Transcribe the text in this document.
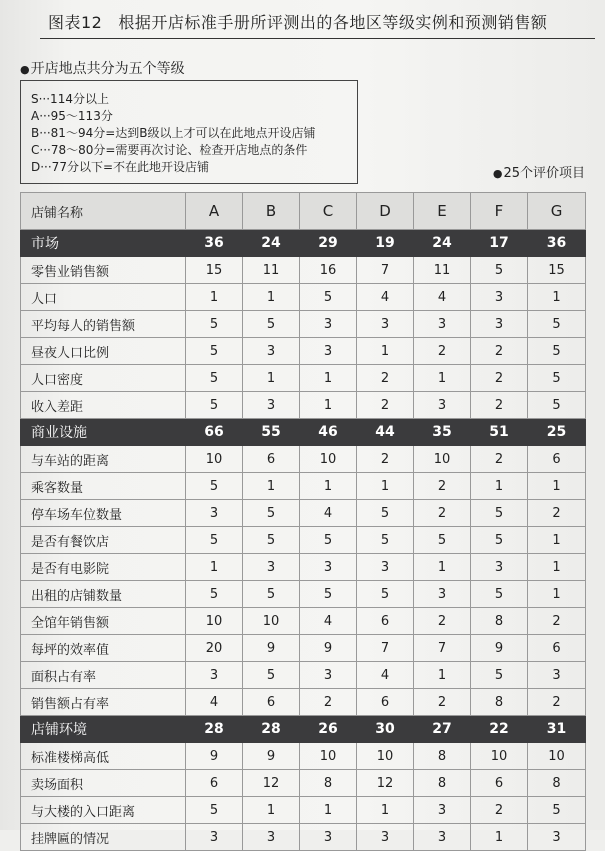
图表12 根据开店标准手册所评测出的各地区等级实例和预测销售额
●开店地点共分为五个等级
S···114分以上
A···95～113分
B···81～94分=达到B级以上才可以在此地点开设店铺
C···78～80分=需要再次讨论、检查开店地点的条件
D···77分以下=不在此地开设店铺	●25个评价项目
店铺名称	A	B	C	D	E	F	G
市场	36	24	29	19	24	17	36
零售业销售额	15	11	16	7	11	5	15
人口	1	1	5	4	4	3	1
平均每人的销售额	5	5	3	3	3	3	5
昼夜人口比例	5	3	3	1	2	2	5
人口密度	5	1	1	2	1	2	5
收入差距	5	3	1	2	3	2	5
商业设施	66	55	46	44	35	51	25
与车站的距离	10	6	10	2	10	2	6
乘客数量	5	1	1	1	2	1	1
停车场车位数量	3	5	4	5	2	5	2
是否有餐饮店	5	5	5	5	5	5	1
是否有电影院	1	3	3	3	1	3	1
出租的店铺数量	5	5	5	5	3	5	1
全馆年销售额	10	10	4	6	2	8	2
每坪的效率值	20	9	9	7	7	9	6
面积占有率	3	5	3	4	1	5	3
销售额占有率	4	6	2	6	2	8	2
店铺环境	28	28	26	30	27	22	31
标准楼梯高低	9	9	10	10	8	10	10
卖场面积	6	12	8	12	8	6	8
与大楼的入口距离	5	1	1	1	3	2	5
挂牌匾的情况	3	3	3	3	3	1	3
